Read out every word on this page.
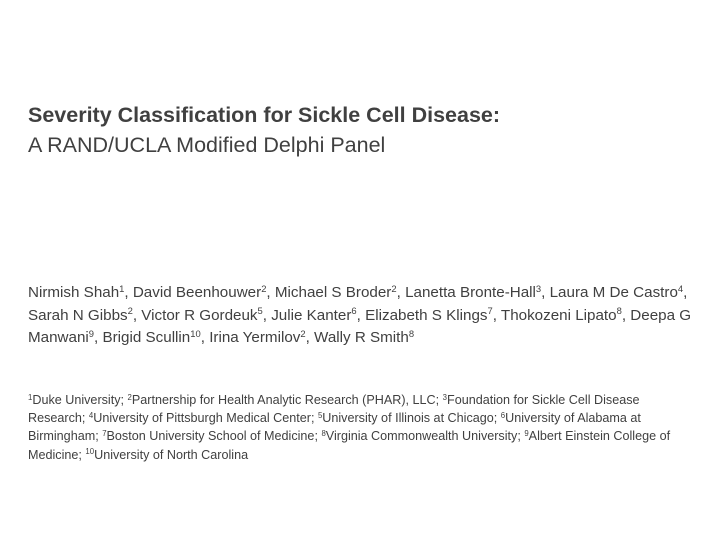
Severity Classification for Sickle Cell Disease:
A RAND/UCLA Modified Delphi Panel
Nirmish Shah$^1$, David Beenhouwer$^2$, Michael S Broder$^2$, Lanetta Bronte-Hall$^3$, Laura M De Castro$^4$, Sarah N Gibbs$^2$, Victor R Gordeuk$^5$, Julie Kanter$^6$, Elizabeth S Klings$^7$, Thokozeni Lipato$^8$, Deepa G Manwani$^9$, Brigid Scullin$^{10}$, Irina Yermilov$^2$, Wally R Smith$^8$
$^1$Duke University; $^2$Partnership for Health Analytic Research (PHAR), LLC; $^3$Foundation for Sickle Cell Disease Research; $^4$University of Pittsburgh Medical Center; $^5$University of Illinois at Chicago; $^6$University of Alabama at Birmingham; $^7$Boston University School of Medicine; $^8$Virginia Commonwealth University; $^9$Albert Einstein College of Medicine; $^{10}$University of North Carolina
